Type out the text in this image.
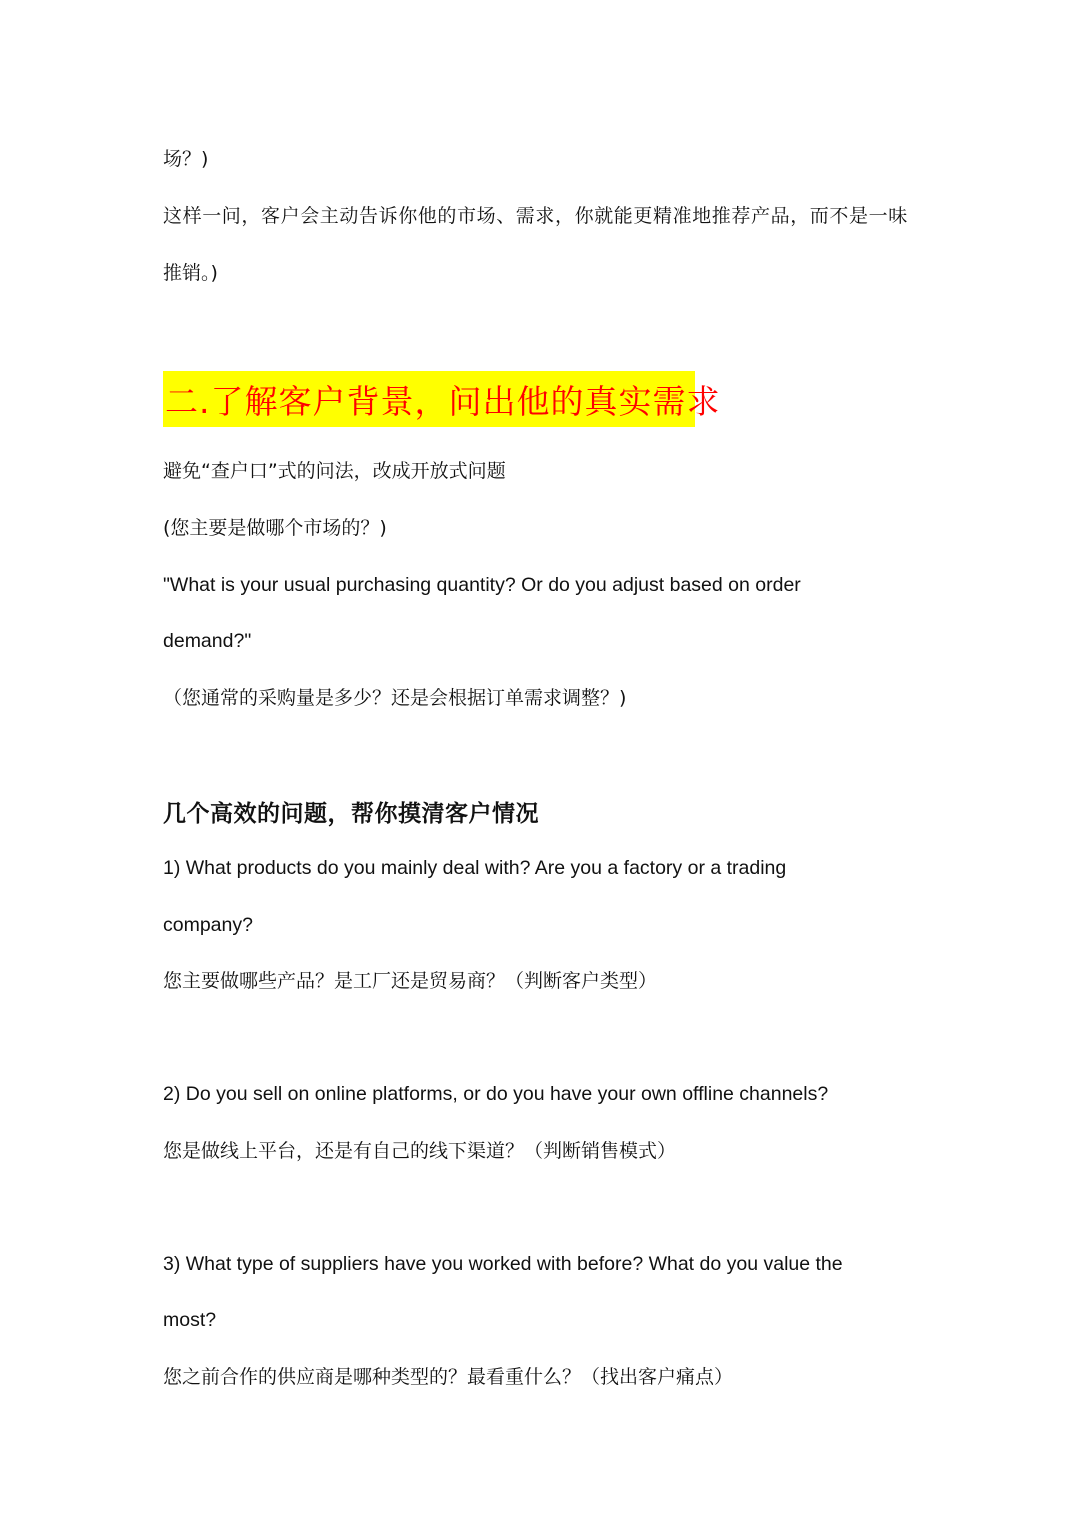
场？)
这样一问，客户会主动告诉你他的市场、需求，你就能更精准地推荐产品，而不是一味
推销。)
二.了解客户背景，问出他的真实需求
避免“查户口”式的问法，改成开放式问题
(您主要是做哪个市场的？)
"What is your usual purchasing quantity? Or do you adjust based on order
demand?"
（您通常的采购量是多少？还是会根据订单需求调整？)
几个高效的问题，帮你摸清客户情况
1) What products do you mainly deal with? Are you a factory or a trading
company?
您主要做哪些产品？是工厂还是贸易商？（判断客户类型）
2) Do you sell on online platforms, or do you have your own offline channels?
您是做线上平台，还是有自己的线下渠道？（判断销售模式）
3) What type of suppliers have you worked with before? What do you value the
most?
您之前合作的供应商是哪种类型的？最看重什么？（找出客户痛点）
